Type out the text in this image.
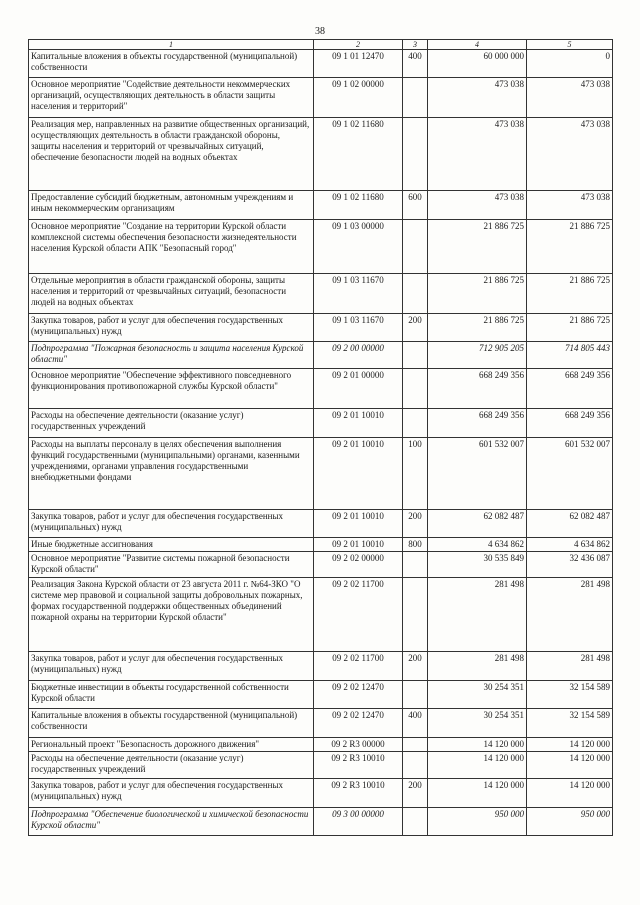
38
1	2	3	4	5
Капитальные вложения в объекты государственной (муниципальной) собственности	09 1 01 12470	400	60 000 000	0
Основное мероприятие "Содействие деятельности некоммерческих организаций, осуществляющих деятельность в области защиты населения и территорий"	09 1 02 00000		473 038	473 038
Реализация мер, направленных на развитие общественных организаций, осуществляющих деятельность в области гражданской обороны, защиты населения и территорий от чрезвычайных ситуаций, обеспечение безопасности людей на водных объектах	09 1 02 11680		473 038	473 038
Предоставление субсидий бюджетным, автономным учреждениям и иным некоммерческим организациям	09 1 02 11680	600	473 038	473 038
Основное мероприятие "Создание на территории Курской области комплексной системы обеспечения безопасности жизнедеятельности населения Курской области АПК "Безопасный город"	09 1 03 00000		21 886 725	21 886 725
Отдельные мероприятия в области гражданской обороны, защиты населения и территорий от чрезвычайных ситуаций, безопасности людей на водных объектах	09 1 03 11670		21 886 725	21 886 725
Закупка товаров, работ и услуг для обеспечения государственных (муниципальных) нужд	09 1 03 11670	200	21 886 725	21 886 725
Подпрограмма "Пожарная безопасность и защита населения Курской области"	09 2 00 00000		712 905 205	714 805 443
Основное мероприятие "Обеспечение эффективного повседневного функционирования противопожарной службы Курской области"	09 2 01 00000		668 249 356	668 249 356
Расходы на обеспечение деятельности (оказание услуг) государственных учреждений	09 2 01 10010		668 249 356	668 249 356
Расходы на выплаты персоналу в целях обеспечения выполнения функций государственными (муниципальными) органами, казенными учреждениями, органами управления государственными внебюджетными фондами	09 2 01 10010	100	601 532 007	601 532 007
Закупка товаров, работ и услуг для обеспечения государственных (муниципальных) нужд	09 2 01 10010	200	62 082 487	62 082 487
Иные бюджетные ассигнования	09 2 01 10010	800	4 634 862	4 634 862
Основное мероприятие "Развитие системы пожарной безопасности Курской области"	09 2 02 00000		30 535 849	32 436 087
Реализация Закона Курской области от 23 августа 2011 г. №64-ЗКО "О системе мер правовой и социальной защиты добровольных пожарных, формах государственной поддержки общественных объединений пожарной охраны на территории Курской области"	09 2 02 11700		281 498	281 498
Закупка товаров, работ и услуг для обеспечения государственных (муниципальных) нужд	09 2 02 11700	200	281 498	281 498
Бюджетные инвестиции в объекты государственной собственности Курской области	09 2 02 12470		30 254 351	32 154 589
Капитальные вложения в объекты государственной (муниципальной) собственности	09 2 02 12470	400	30 254 351	32 154 589
Региональный проект "Безопасность дорожного движения"	09 2 R3 00000		14 120 000	14 120 000
Расходы на обеспечение деятельности (оказание услуг) государственных учреждений	09 2 R3 10010		14 120 000	14 120 000
Закупка товаров, работ и услуг для обеспечения государственных (муниципальных) нужд	09 2 R3 10010	200	14 120 000	14 120 000
Подпрограмма "Обеспечение биологической и химической безопасности Курской области"	09 3 00 00000		950 000	950 000
